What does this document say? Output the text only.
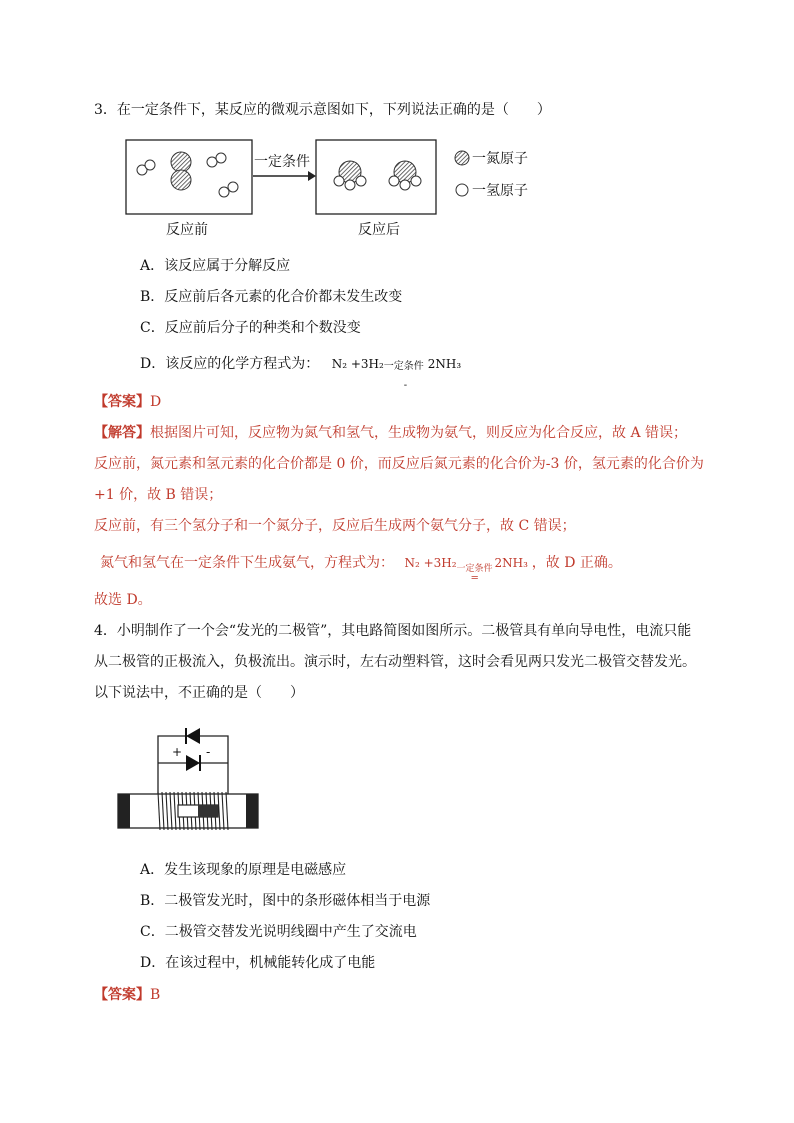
3．在一定条件下，某反应的微观示意图如下，下列说法正确的是（　　）
一定条件	一氮原子
一氢原子
反应前	反应后
A．该反应属于分解反应
B．反应前后各元素的化合价都未发生改变
C．反应前后分子的种类和个数没变
D．该反应的化学方程式为： N₂ +3H₂ 一定条件
-
2NH₃
【答案】D
【解答】根据图片可知，反应物为氮气和氢气，生成物为氨气，则反应为化合反应，故 A 错误；
反应前，氮元素和氢元素的化合价都是 0 价，而反应后氮元素的化合价为-3 价，氢元素的化合价为
+1 价，故 B 错误；
反应前，有三个氢分子和一个氮分子，反应后生成两个氨气分子，故 C 错误；
氮气和氢气在一定条件下生成氨气，方程式为： N₂ +3H₂ 一定条件
=
2NH₃ ，故 D 正确。
故选 D。
4．小明制作了一个会“发光的二极管”，其电路简图如图所示。二极管具有单向导电性，电流只能
从二极管的正极流入，负极流出。演示时，左右动塑料管，这时会看见两只发光二极管交替发光。
以下说法中，不正确的是（　　）
+ -
A．发生该现象的原理是电磁感应
B．二极管发光时，图中的条形磁体相当于电源
C．二极管交替发光说明线圈中产生了交流电
D．在该过程中，机械能转化成了电能
【答案】B
